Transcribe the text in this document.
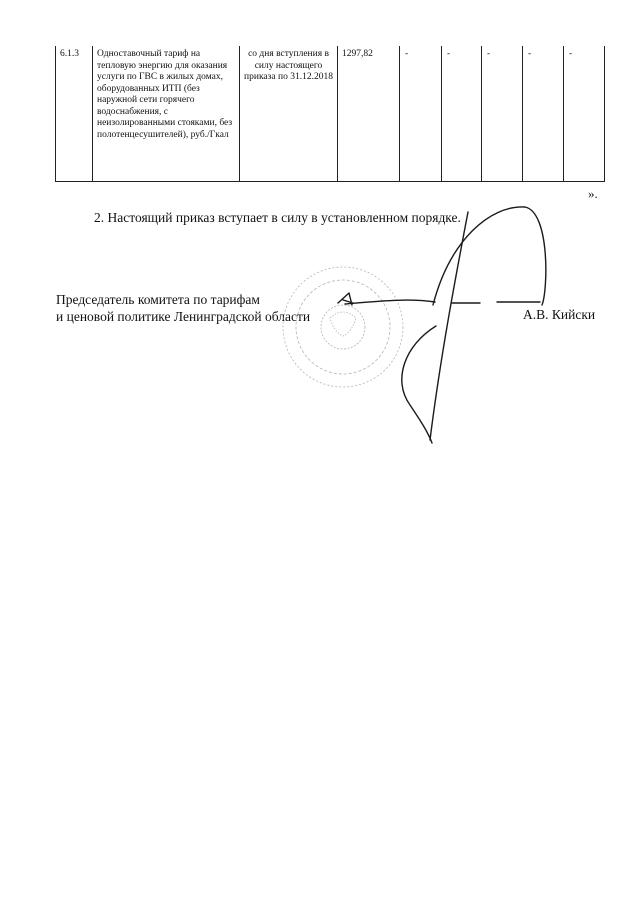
6.1.3	Одноставочный тариф на тепловую энергию для оказания услуги по ГВС в жилых домах, оборудованных ИТП (без наружной сети горячего водоснабжения, с неизолированными стояками, без полотенцесушителей), руб./Гкал	со дня вступления в силу настоящего приказа по 31.12.2018	1297,82	-	-	-	-	-
».
2. Настоящий приказ вступает в силу в установленном порядке.
Председатель комитета по тарифам
и ценовой политике Ленинградской области	А.В. Кийски
